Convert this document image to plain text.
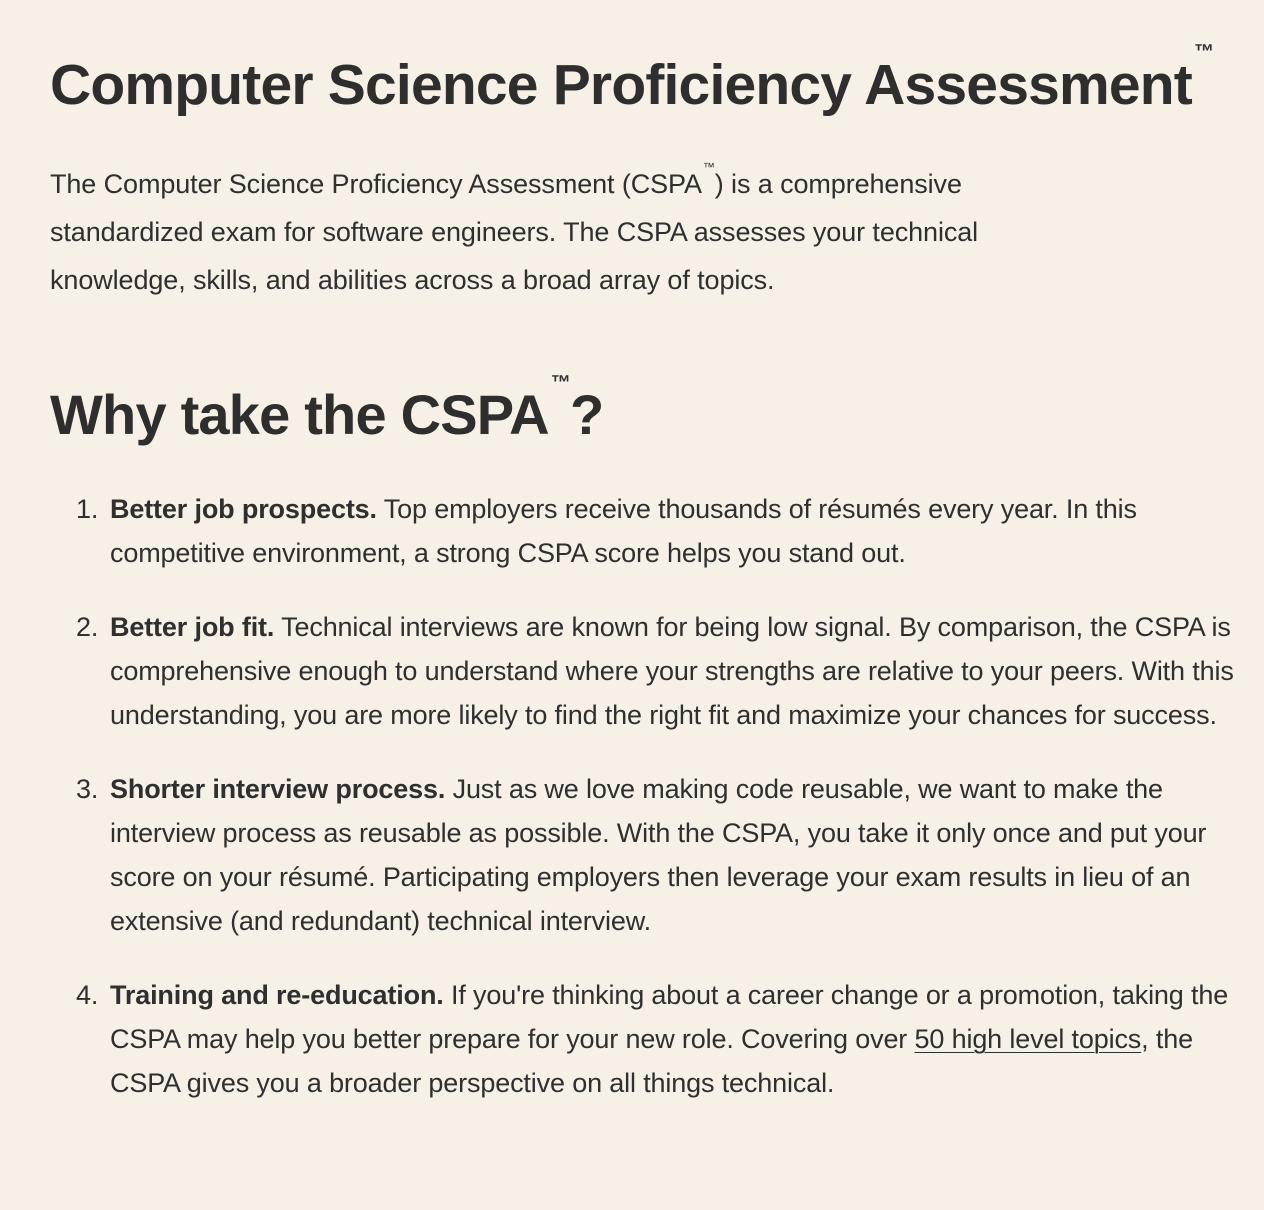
Computer Science Proficiency Assessment™

The Computer Science Proficiency Assessment (CSPA™) is a comprehensive standardized exam for software engineers. The CSPA assesses your technical knowledge, skills, and abilities across a broad array of topics.

Why take the CSPA ™?
1. Better job prospects. Top employers receive thousands of résumés every year. In this competitive environment, a strong CSPA score helps you stand out.
2. Better job fit. Technical interviews are known for being low signal. By comparison, the CSPA is comprehensive enough to understand where your strengths are relative to your peers. With this understanding, you are more likely to find the right fit and maximize your chances for success.
3. Shorter interview process. Just as we love making code reusable, we want to make the interview process as reusable as possible. With the CSPA, you take it only once and put your score on your résumé. Participating employers then leverage your exam results in lieu of an extensive (and redundant) technical interview.
4. Training and re-education. If you're thinking about a career change or a promotion, taking the CSPA may help you better prepare for your new role. Covering over 50 high level topics, the CSPA gives you a broader perspective on all things technical.
